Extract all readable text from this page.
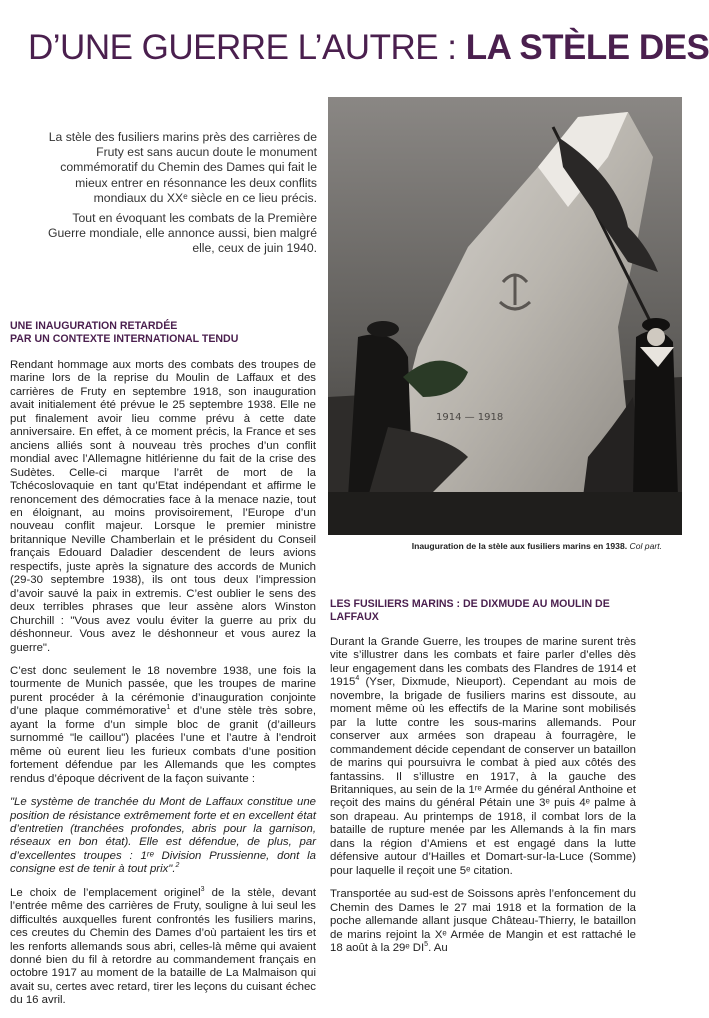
D’UNE GUERRE L’AUTRE : LA STÈLE DES

La stèle des fusiliers marins près des carrières de Fruty est sans aucun doute le monument commémoratif du Chemin des Dames qui fait le mieux entrer en résonnance les deux conflits mondiaux du XXᵉ siècle en ce lieu précis.

Tout en évoquant les combats de la Première Guerre mondiale, elle annonce aussi, bien malgré elle, ceux de juin 1940.

1914 — 1918
Inauguration de la stèle aux fusiliers marins en 1938. Col part.
UNE INAUGURATION RETARDÉE
PAR UN CONTEXTE INTERNATIONAL TENDU

Rendant hommage aux morts des combats des troupes de marine lors de la reprise du Moulin de Laffaux et des carrières de Fruty en septembre 1918, son inauguration avait initialement été prévue le 25 septembre 1938. Elle ne put finalement avoir lieu comme prévu à cette date anniversaire. En effet, à ce moment précis, la France et ses anciens alliés sont à nouveau très proches d’un conflit mondial avec l’Allemagne hitlérienne du fait de la crise des Sudètes. Celle-ci marque l’arrêt de mort de la Tchécoslovaquie en tant qu’Etat indépendant et affirme le renoncement des démocraties face à la menace nazie, tout en éloignant, au moins provisoirement, l’Europe d’un nouveau conflit majeur. Lorsque le premier ministre britannique Neville Chamberlain et le président du Conseil français Edouard Daladier descendent de leurs avions respectifs, juste après la signature des accords de Munich (29-30 septembre 1938), ils ont tous deux l’impression d’avoir sauvé la paix in extremis. C’est oublier le sens des deux terribles phrases que leur assène alors Winston Churchill : "Vous avez voulu éviter la guerre au prix du déshonneur. Vous avez le déshonneur et vous aurez la guerre".

C’est donc seulement le 18 novembre 1938, une fois la tourmente de Munich passée, que les troupes de marine purent procéder à la cérémonie d’inauguration conjointe d’une plaque commémorative$^1$ et d’une stèle très sobre, ayant la forme d’un simple bloc de granit (d’ailleurs surnommé "le caillou") placées l’une et l’autre à l’endroit même où eurent lieu les furieux combats d’une position fortement défendue par les Allemands que les comptes rendus d’époque décrivent de la façon suivante :

"Le système de tranchée du Mont de Laffaux constitue une position de résistance extrêmement forte et en excellent état d’entretien (tranchées profondes, abris pour la garnison, réseaux en bon état). Elle est défendue, de plus, par d’excellentes troupes : 1ʳᵉ Division Prussienne, dont la consigne est de tenir à tout prix".$^2$

Le choix de l’emplacement originel$^3$ de la stèle, devant l’entrée même des carrières de Fruty, souligne à lui seul les difficultés auxquelles furent confrontés les fusiliers marins, ces creutes du Chemin des Dames d’où partaient les tirs et les renforts allemands sous abri, celles-là même qui avaient donné bien du fil à retordre au commandement français en octobre 1917 au moment de la bataille de La Malmaison qui avait su, certes avec retard, tirer les leçons du cuisant échec du 16 avril.

LES FUSILIERS MARINS : DE DIXMUDE AU MOULIN DE LAFFAUX

Durant la Grande Guerre, les troupes de marine surent très vite s’illustrer dans les combats et faire parler d’elles dès leur engagement dans les combats des Flandres de 1914 et 1915$^4$ (Yser, Dixmude, Nieuport). Cependant au mois de novembre, la brigade de fusiliers marins est dissoute, au moment même où les effectifs de la Marine sont mobilisés par la lutte contre les sous-marins allemands. Pour conserver aux armées son drapeau à fourragère, le commandement décide cependant de conserver un bataillon de marins qui poursuivra le combat à pied aux côtés des fantassins. Il s’illustre en 1917, à la gauche des Britanniques, au sein de la 1ʳᵉ Armée du général Anthoine et reçoit des mains du général Pétain une 3ᵉ puis 4ᵉ palme à son drapeau. Au printemps de 1918, il combat lors de la bataille de rupture menée par les Allemands à la fin mars dans la région d’Amiens et est engagé dans la lutte défensive autour d’Hailles et Domart-sur-la-Luce (Somme) pour laquelle il reçoit une 5ᵉ citation.

Transportée au sud-est de Soissons après l’enfoncement du Chemin des Dames le 27 mai 1918 et la formation de la poche allemande allant jusque Château-Thierry, le bataillon de marins rejoint la Xᵉ Armée de Mangin et est rattaché le 18 août à la 29ᵉ $DI^5$. Au
